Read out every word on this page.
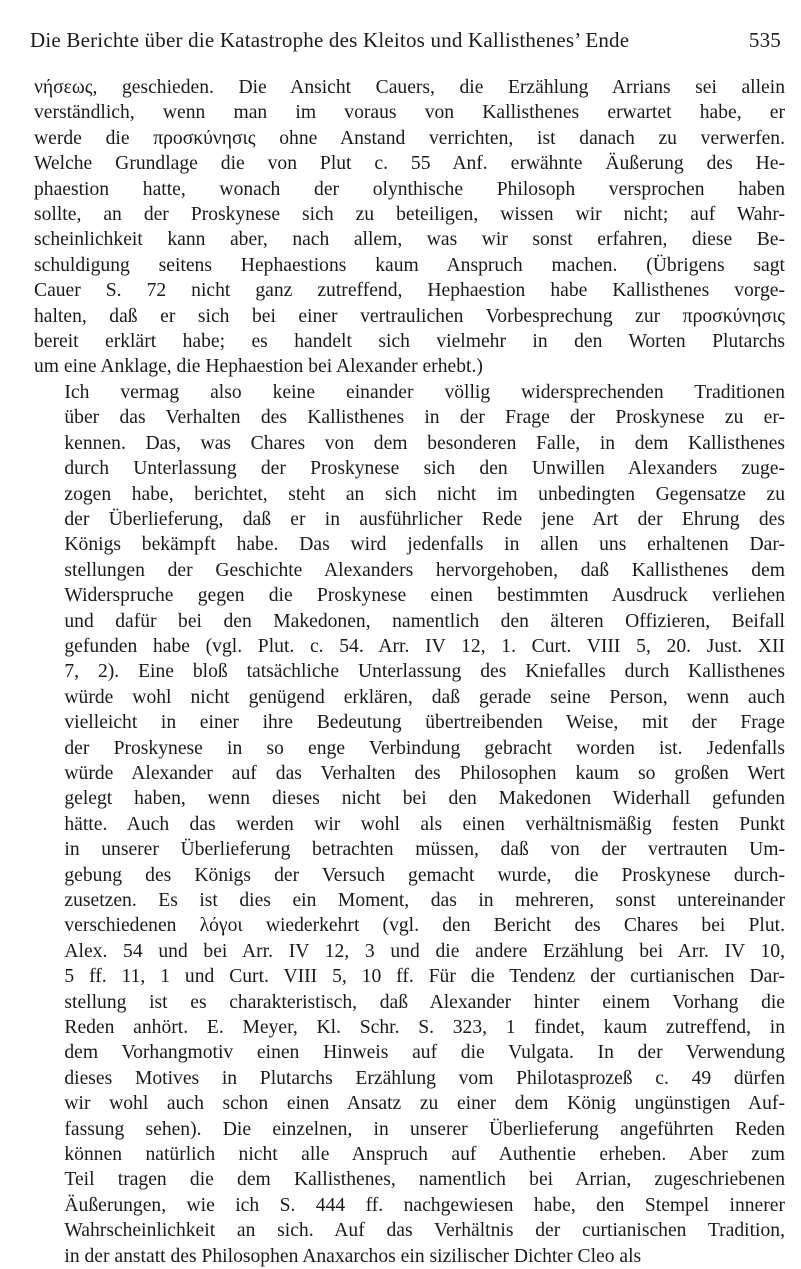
Die Berichte über die Katastrophe des Kleitos und Kallisthenes’ Ende	535
νήσεως, geschieden. Die Ansicht Cauers, die Erzählung Arrians sei allein
verständlich, wenn man im voraus von Kallisthenes erwartet habe, er
werde die προσκύνησις ohne Anstand verrichten, ist danach zu verwerfen.
Welche Grundlage die von Plut c. 55 Anf. erwähnte Äußerung des He-
phaestion hatte, wonach der olynthische Philosoph versprochen haben
sollte, an der Proskynese sich zu beteiligen, wissen wir nicht; auf Wahr-
scheinlichkeit kann aber, nach allem, was wir sonst erfahren, diese Be-
schuldigung seitens Hephaestions kaum Anspruch machen. (Übrigens sagt
Cauer S. 72 nicht ganz zutreffend, Hephaestion habe Kallisthenes vorge-
halten, daß er sich bei einer vertraulichen Vorbesprechung zur προσκύνησις
bereit erklärt habe; es handelt sich vielmehr in den Worten Plutarchs
um eine Anklage, die Hephaestion bei Alexander erhebt.)
Ich vermag also keine einander völlig widersprechenden Traditionen
über das Verhalten des Kallisthenes in der Frage der Proskynese zu er-
kennen. Das, was Chares von dem besonderen Falle, in dem Kallisthenes
durch Unterlassung der Proskynese sich den Unwillen Alexanders zuge-
zogen habe, berichtet, steht an sich nicht im unbedingten Gegensatze zu
der Überlieferung, daß er in ausführlicher Rede jene Art der Ehrung des
Königs bekämpft habe. Das wird jedenfalls in allen uns erhaltenen Dar-
stellungen der Geschichte Alexanders hervorgehoben, daß Kallisthenes dem
Widerspruche gegen die Proskynese einen bestimmten Ausdruck verliehen
und dafür bei den Makedonen, namentlich den älteren Offizieren, Beifall
gefunden habe (vgl. Plut. c. 54. Arr. IV 12, 1. Curt. VIII 5, 20. Just. XII
7, 2). Eine bloß tatsächliche Unterlassung des Kniefalles durch Kallisthenes
würde wohl nicht genügend erklären, daß gerade seine Person, wenn auch
vielleicht in einer ihre Bedeutung übertreibenden Weise, mit der Frage
der Proskynese in so enge Verbindung gebracht worden ist. Jedenfalls
würde Alexander auf das Verhalten des Philosophen kaum so großen Wert
gelegt haben, wenn dieses nicht bei den Makedonen Widerhall gefunden
hätte. Auch das werden wir wohl als einen verhältnismäßig festen Punkt
in unserer Überlieferung betrachten müssen, daß von der vertrauten Um-
gebung des Königs der Versuch gemacht wurde, die Proskynese durch-
zusetzen. Es ist dies ein Moment, das in mehreren, sonst untereinander
verschiedenen λόγοι wiederkehrt (vgl. den Bericht des Chares bei Plut.
Alex. 54 und bei Arr. IV 12, 3 und die andere Erzählung bei Arr. IV 10,
5 ff. 11, 1 und Curt. VIII 5, 10 ff. Für die Tendenz der curtianischen Dar-
stellung ist es charakteristisch, daß Alexander hinter einem Vorhang die
Reden anhört. E. Meyer, Kl. Schr. S. 323, 1 findet, kaum zutreffend, in
dem Vorhangmotiv einen Hinweis auf die Vulgata. In der Verwendung
dieses Motives in Plutarchs Erzählung vom Philotasprozeß c. 49 dürfen
wir wohl auch schon einen Ansatz zu einer dem König ungünstigen Auf-
fassung sehen). Die einzelnen, in unserer Überlieferung angeführten Reden
können natürlich nicht alle Anspruch auf Authentie erheben. Aber zum
Teil tragen die dem Kallisthenes, namentlich bei Arrian, zugeschriebenen
Äußerungen, wie ich S. 444 ff. nachgewiesen habe, den Stempel innerer
Wahrscheinlichkeit an sich. Auf das Verhältnis der curtianischen Tradition,
in der anstatt des Philosophen Anaxarchos ein sizilischer Dichter Cleo als
